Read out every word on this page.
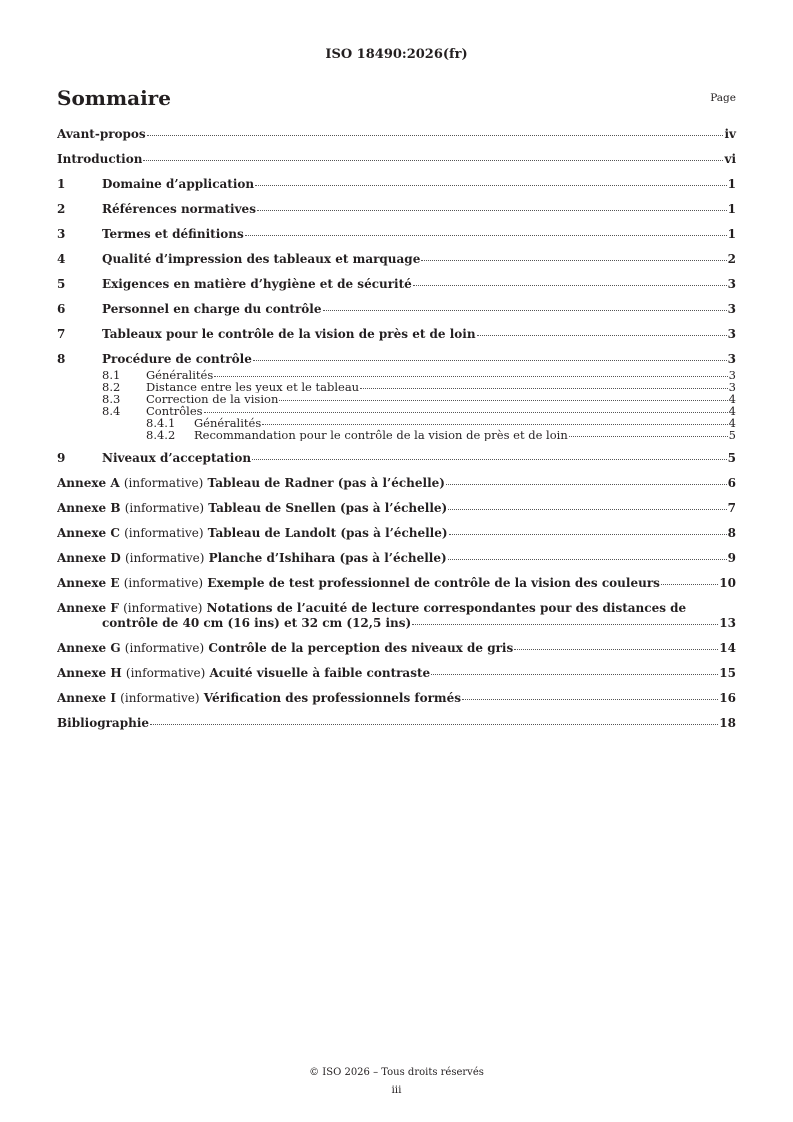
ISO 18490:2026(fr)
Sommaire	Page
Avant-propos	iv
Introduction	vi
1	Domaine d’application	1
2	Références normatives	1
3	Termes et définitions	1
4	Qualité d’impression des tableaux et marquage	2
5	Exigences en matière d’hygiène et de sécurité	3
6	Personnel en charge du contrôle	3
7	Tableaux pour le contrôle de la vision de près et de loin	3
8	Procédure de contrôle	3
8.1	Généralités	3
8.2	Distance entre les yeux et le tableau	3
8.3	Correction de la vision	4
8.4	Contrôles	4
8.4.1	Généralités	4
8.4.2	Recommandation pour le contrôle de la vision de près et de loin	5
9	Niveaux d’acceptation	5
Annexe A (informative) Tableau de Radner (pas à l’échelle)	6
Annexe B (informative) Tableau de Snellen (pas à l’échelle)	7
Annexe C (informative) Tableau de Landolt (pas à l’échelle)	8
Annexe D (informative) Planche d’Ishihara (pas à l’échelle)	9
Annexe E (informative) Exemple de test professionnel de contrôle de la vision des couleurs	10
Annexe F (informative) Notations de l’acuité de lecture correspondantes pour des distances de
contrôle de 40 cm (16 ins) et 32 cm (12,5 ins)	13
Annexe G (informative) Contrôle de la perception des niveaux de gris	14
Annexe H (informative) Acuité visuelle à faible contraste	15
Annexe I (informative) Vérification des professionnels formés	16
Bibliographie	18
© ISO 2026 – Tous droits réservés
iii
